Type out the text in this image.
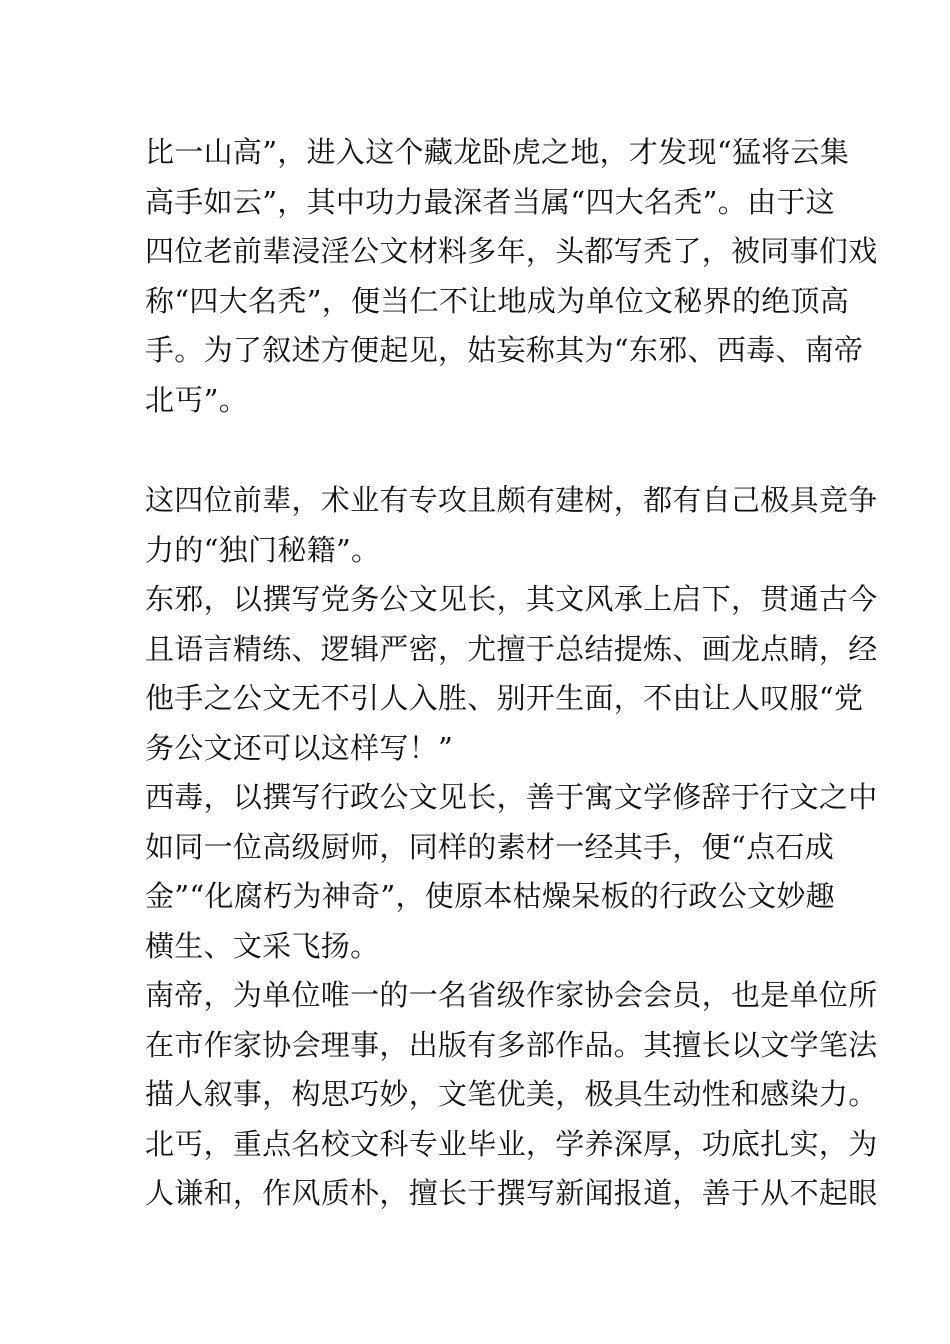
比一山高”，进入这个藏龙卧虎之地，才发现“猛将云集
高手如云”，其中功力最深者当属“四大名秃”。由于这
四位老前辈浸淫公文材料多年，头都写秃了，被同事们戏
称“四大名秃”，便当仁不让地成为单位文秘界的绝顶高
手。为了叙述方便起见，姑妄称其为“东邪、西毒、南帝
北丐”。
这四位前辈，术业有专攻且颇有建树，都有自己极具竞争
力的“独门秘籍”。
东邪，以撰写党务公文见长，其文风承上启下，贯通古今
且语言精练、逻辑严密，尤擅于总结提炼、画龙点睛，经
他手之公文无不引人入胜、别开生面，不由让人叹服“党
务公文还可以这样写！”
西毒，以撰写行政公文见长，善于寓文学修辞于行文之中
如同一位高级厨师，同样的素材一经其手，便“点石成
金”“化腐朽为神奇”，使原本枯燥呆板的行政公文妙趣
横生、文采飞扬。
南帝，为单位唯一的一名省级作家协会会员，也是单位所
在市作家协会理事，出版有多部作品。其擅长以文学笔法
描人叙事，构思巧妙，文笔优美，极具生动性和感染力。
北丐，重点名校文科专业毕业，学养深厚，功底扎实，为
人谦和，作风质朴，擅长于撰写新闻报道，善于从不起眼
